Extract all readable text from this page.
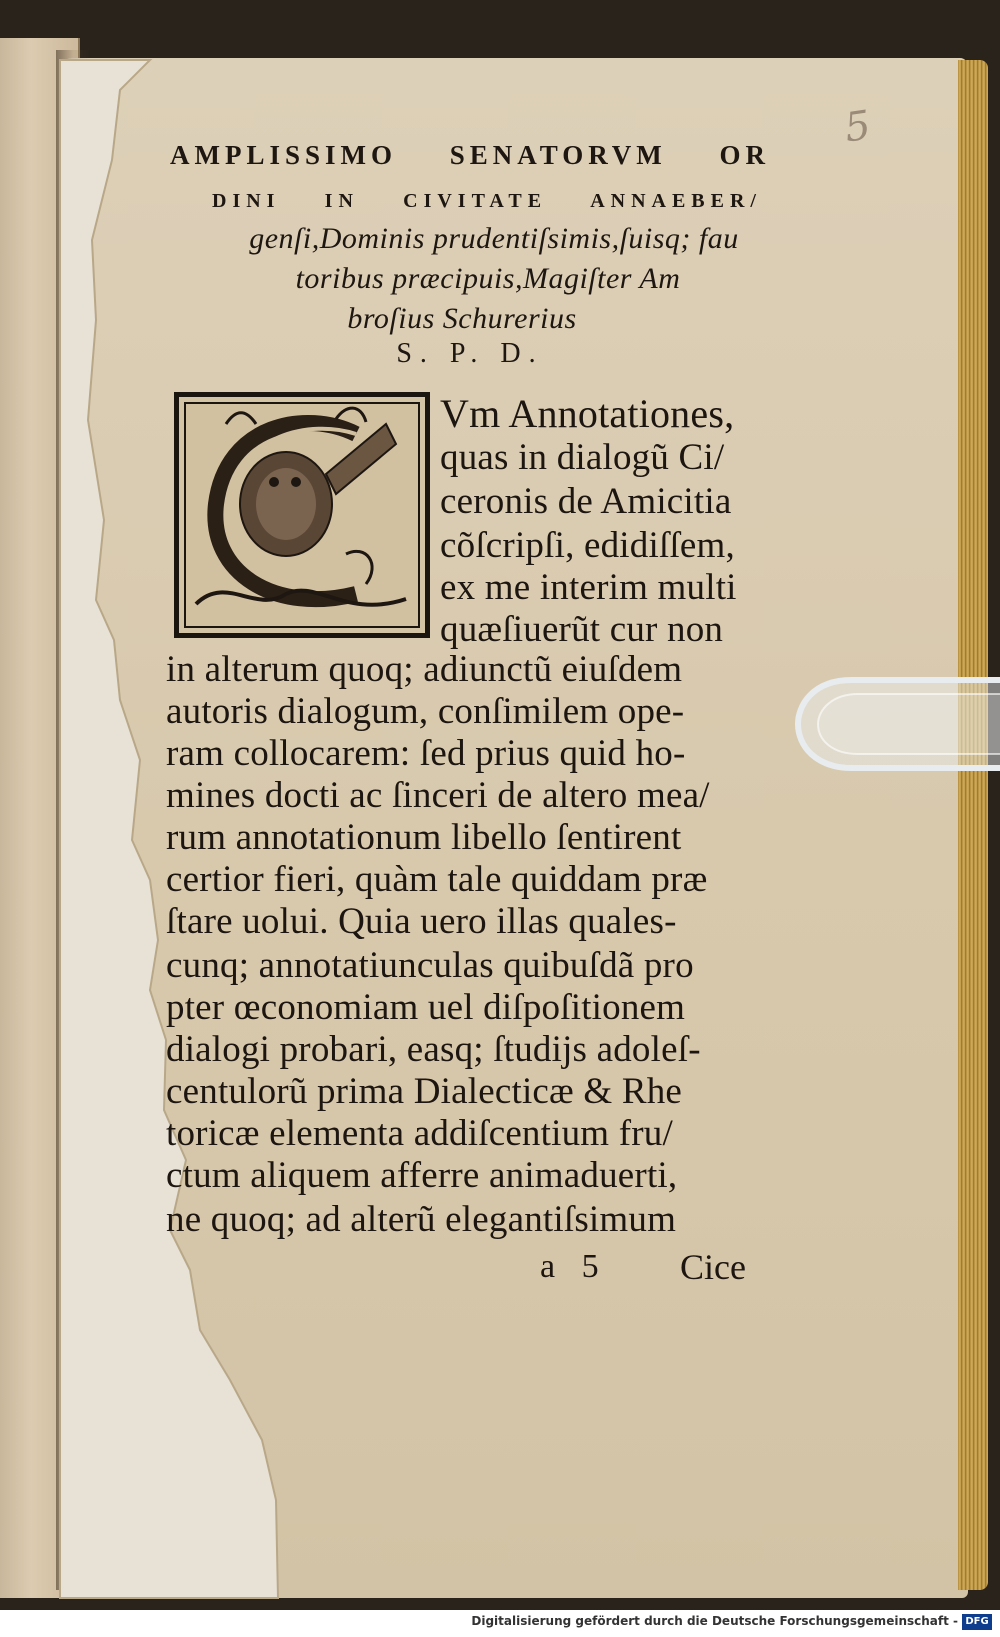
5
AMPLISSIMO SENATORVM OR
DINI IN CIVITATE ANNAEBER/
genſi,Dominis prudentiſsimis,ſuisq; fau
toribus præcipuis,Magiſter Am
broſius Schurerius
S. P. D.
Vm Annotationes,
quas in dialogũ Ci/
ceronis de Amicitia
cõſcripſi, edidiſſem,
ex me interim multi
quæſiuerũt cur non
in alterum quoq; adiunctũ eiuſdem
autoris dialogum, conſimilem ope-
ram collocarem: ſed prius quid ho-
mines docti ac ſinceri de altero mea/
rum annotationum libello ſentirent
certior fieri, quàm tale quiddam præ
ſtare uolui. Quia uero illas quales-
cunq; annotatiunculas quibuſdã pro
pter œconomiam uel diſpoſitionem
dialogi probari, easq; ſtudijs adoleſ-
centulorũ prima Dialecticæ & Rhe
toricæ elementa addiſcentium fru/
ctum aliquem afferre animaduerti,
ne quoq; ad alterũ elegantiſsimum
a 5 Cice
Digitalisierung gefördert durch die Deutsche Forschungsgemeinschaft - DFG
